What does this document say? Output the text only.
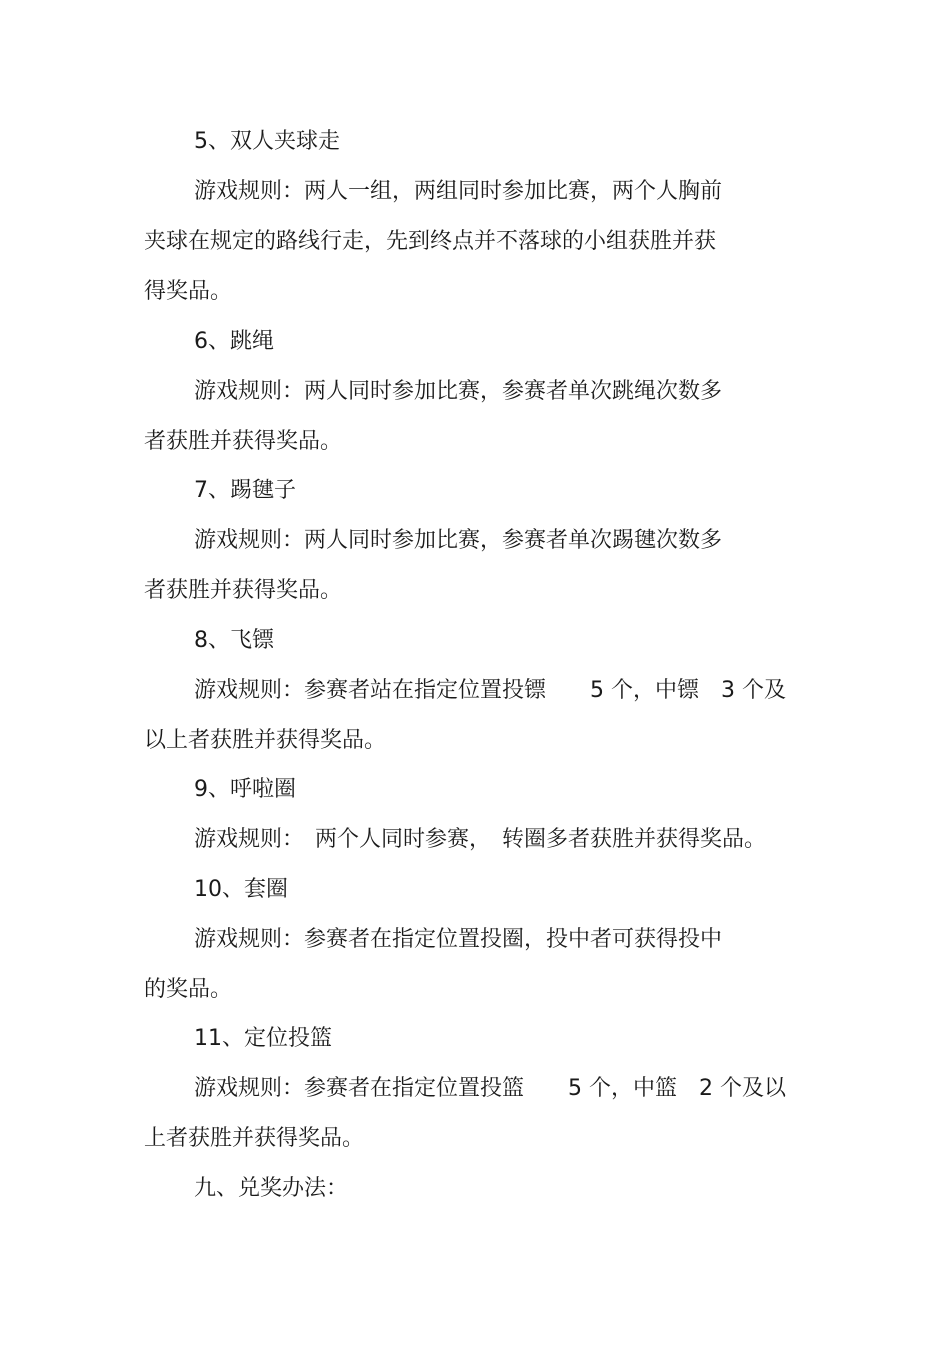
5、双人夹球走
游戏规则：两人一组，两组同时参加比赛，两个人胸前
夹球在规定的路线行走，先到终点并不落球的小组获胜并获
得奖品。
6、跳绳
游戏规则：两人同时参加比赛，参赛者单次跳绳次数多
者获胜并获得奖品。
7、踢毽子
游戏规则：两人同时参加比赛，参赛者单次踢毽次数多
者获胜并获得奖品。
8、飞镖
游戏规则：参赛者站在指定位置投镖　　5 个，中镖　3 个及
以上者获胜并获得奖品。
9、呼啦圈
游戏规则：　两个人同时参赛，　转圈多者获胜并获得奖品。
10、套圈
游戏规则：参赛者在指定位置投圈，投中者可获得投中
的奖品。
11、定位投篮
游戏规则：参赛者在指定位置投篮　　5 个，中篮　2 个及以
上者获胜并获得奖品。
九、兑奖办法：
